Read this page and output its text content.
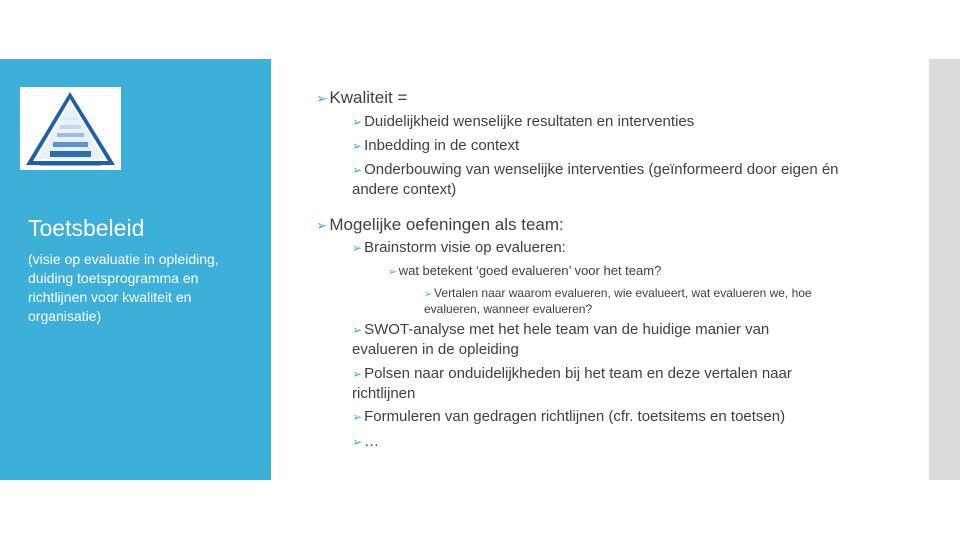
Toetsbeleid

(visie op evaluatie in opleiding, duiding toetsprogramma en richtlijnen voor kwaliteit en organisatie)

➢ Kwaliteit =
➢ Duidelijkheid wenselijke resultaten en interventies
➢ Inbedding in de context
➢ Onderbouwing van wenselijke interventies (geïnformeerd door eigen én andere context)
➢ Mogelijke oefeningen als team:
➢ Brainstorm visie op evalueren:
➢ wat betekent ‘goed evalueren’ voor het team?
➢ Vertalen naar waarom evalueren, wie evalueert, wat evalueren we, hoe evalueren, wanneer evalueren?
➢ SWOT-analyse met het hele team van de huidige manier van evalueren in de opleiding
➢ Polsen naar onduidelijkheden bij het team en deze vertalen naar richtlijnen
➢ Formuleren van gedragen richtlijnen (cfr. toetsitems en toetsen)
➢ …
